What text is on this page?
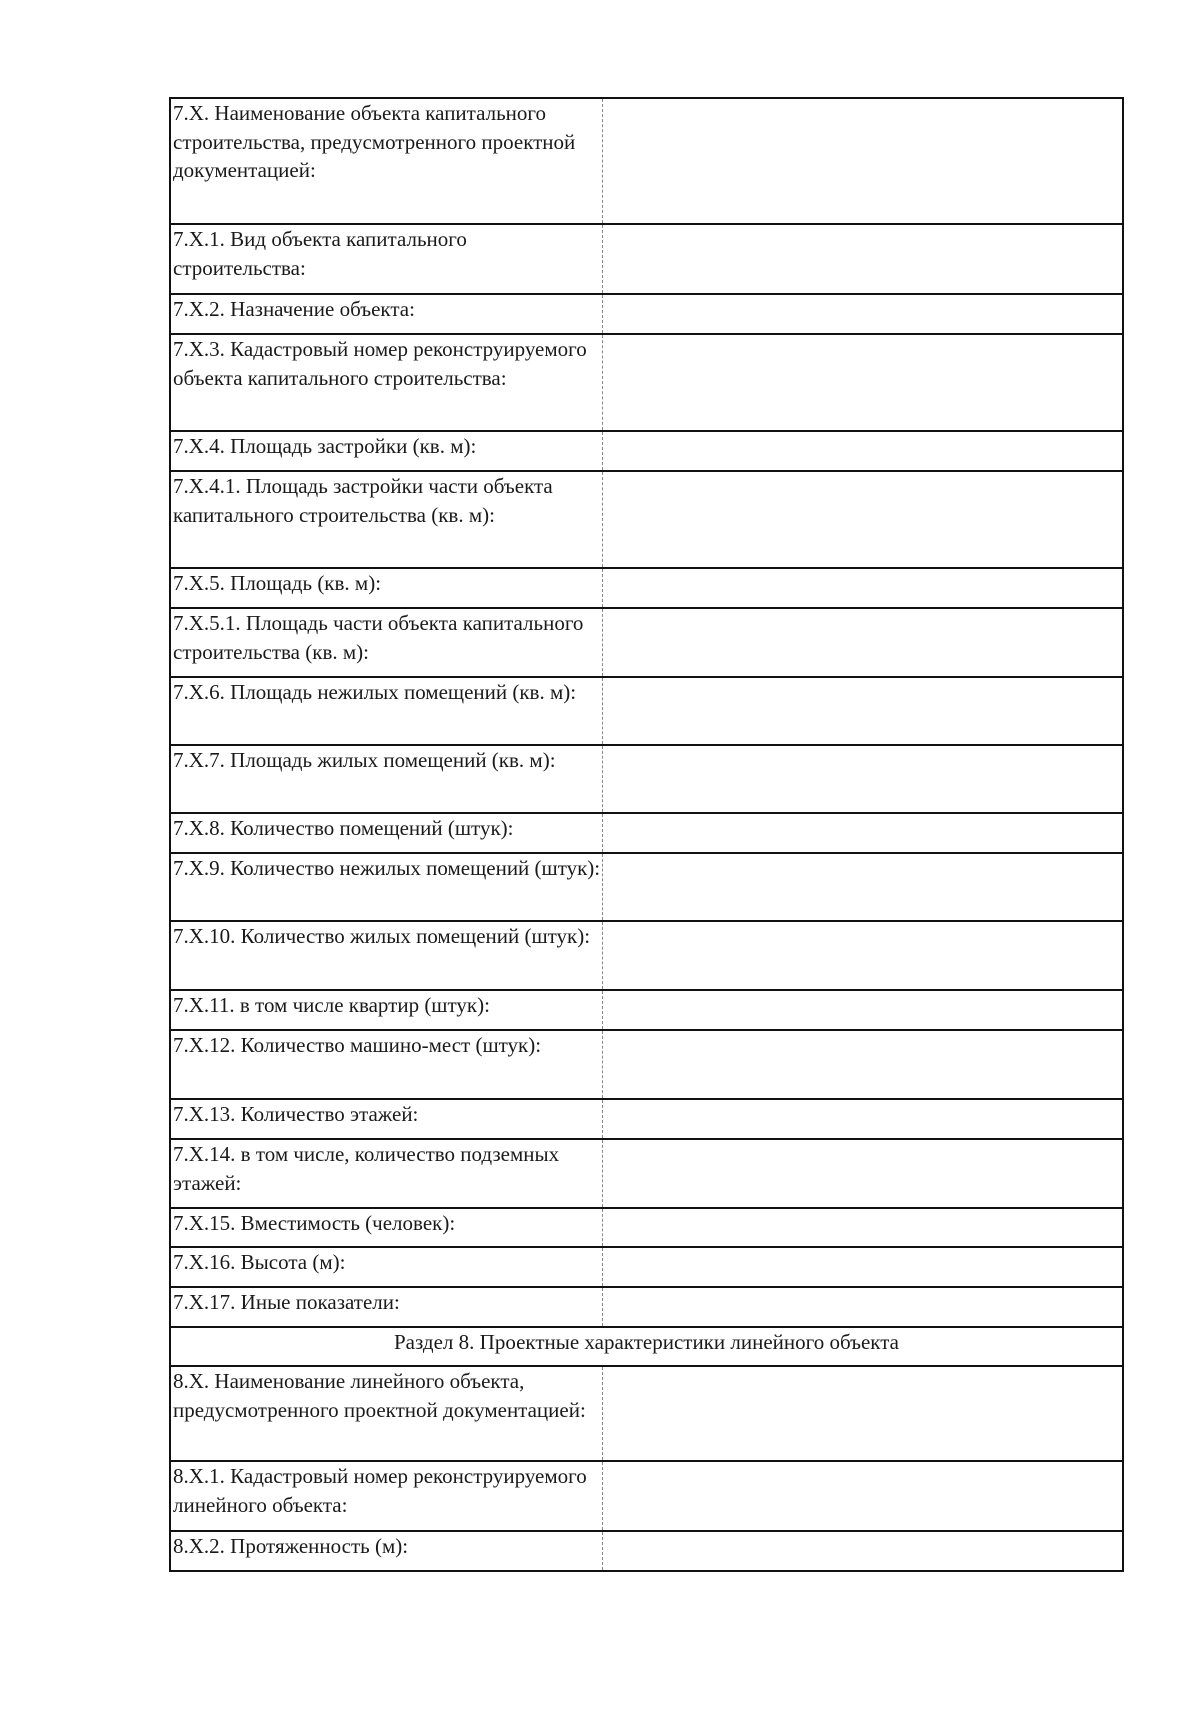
7.X. Наименование объекта капитального строительства, предусмотренного проектной документацией:	
7.X.1. Вид объекта капитального строительства:	
7.X.2. Назначение объекта:	
7.X.3. Кадастровый номер реконструируемого объекта капитального строительства:	
7.X.4. Площадь застройки (кв. м):	
7.X.4.1. Площадь застройки части объекта капитального строительства (кв. м):	
7.X.5. Площадь (кв. м):	
7.X.5.1. Площадь части объекта капитального строительства (кв. м):	
7.X.6. Площадь нежилых помещений (кв. м):	
7.X.7. Площадь жилых помещений (кв. м):	
7.X.8. Количество помещений (штук):	
7.X.9. Количество нежилых помещений (штук):	
7.X.10. Количество жилых помещений (штук):	
7.X.11. в том числе квартир (штук):	
7.X.12. Количество машино-мест (штук):	
7.X.13. Количество этажей:	
7.X.14. в том числе, количество подземных этажей:	
7.X.15. Вместимость (человек):	
7.X.16. Высота (м):	
7.X.17. Иные показатели:	
Раздел 8. Проектные характеристики линейного объекта	
8.X. Наименование линейного объекта, предусмотренного проектной документацией:	
8.X.1. Кадастровый номер реконструируемого линейного объекта:	
8.X.2. Протяженность (м):	
